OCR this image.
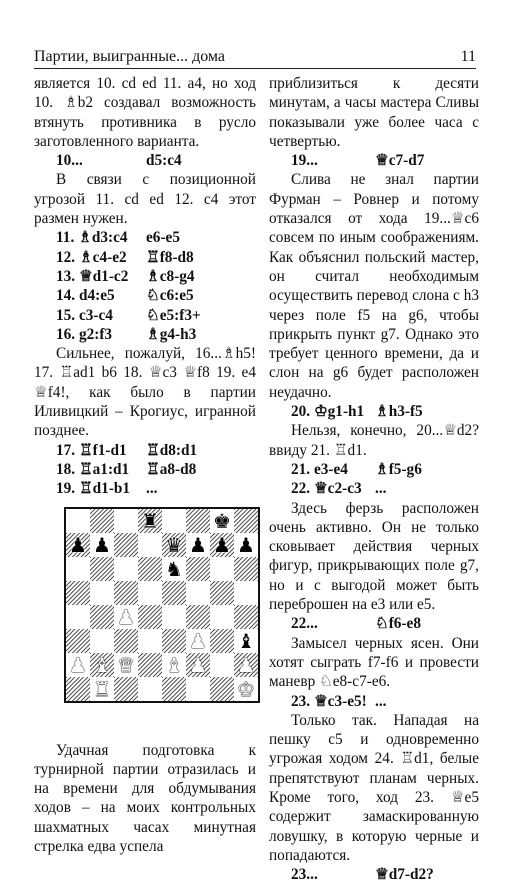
Партии, выигранные... дома	11

является 10. cd ed 11. a4, но ход 10. ♗b2 создавал возможность втянуть противника в русло заготовленного варианта.

10...	d5:c4

В связи с позиционной угрозой 11. cd ed 12. c4 этот размен нужен.

11. ♗d3:c4	e6-e5
12. ♗c4-e2	♖f8-d8
13. ♕d1-c2	♗c8-g4
14. d4:e5	♘c6:e5
15. c3-c4	♘e5:f3+
16. g2:f3	♗g4-h3

Сильнее, пожалуй, 16...♗h5! 17. ♖ad1 b6 18. ♕c3 ♕f8 19. e4 ♕f4!, как было в партии Иливицкий – Крогиус, игранной позднее.

17. ♖f1-d1	♖d8:d1
18. ♖a1:d1	♖a8-d8
19. ♖d1-b1	...
♜	♚
♟ ♟	♛ ♟ ♟ ♟
♞
♟
♟ ♝
♟ ♝ ♛ ♝ ♟ ♟
♜	♚

Удачная подготовка к турнирной партии отразилась и на времени для обдумывания ходов – на моих контрольных шахматных часах минутная стрелка едва успела

приблизиться к десяти минутам, а часы мастера Сливы показывали уже более часа с четвертью.

19...	♕c7-d7

Слива не знал партии Фурман – Ровнер и потому отказался от хода 19...♕c6 совсем по иным соображениям. Как объяснил польский мастер, он считал необходимым осуществить перевод слона с h3 через поле f5 на g6, чтобы прикрыть пункт g7. Однако это требует ценного времени, да и слон на g6 будет расположен неудачно.

20. ♔g1-h1 ♗h3-f5

Нельзя, конечно, 20...♕d2? ввиду 21. ♖d1.

21. e3-e4	♗f5-g6
22. ♕c2-c3 ...

Здесь ферзь расположен очень активно. Он не только сковывает действия черных фигур, прикрывающих поле g7, но и с выгодой может быть переброшен на e3 или e5.

22...	♘f6-e8

Замысел черных ясен. Они хотят сыграть f7-f6 и провести маневр ♘e8-c7-e6.

23. ♕c3-e5! ...

Только так. Нападая на пешку c5 и одновременно угрожая ходом 24. ♖d1, белые препятствуют планам черных. Кроме того, ход 23. ♕e5 содержит замаскированную ловушку, в которую черные и попадаются.

23...	♕d7-d2?
